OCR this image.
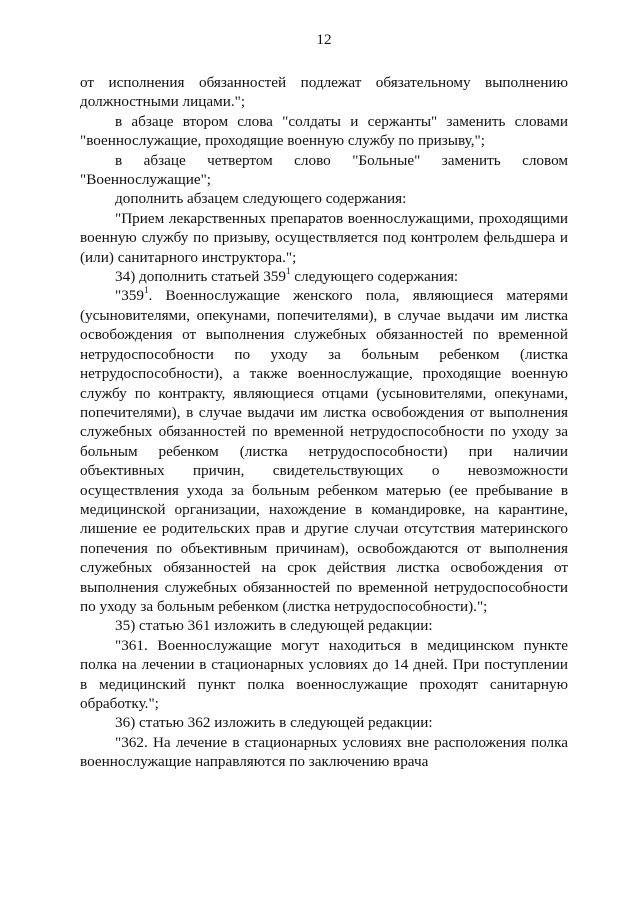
12

от исполнения обязанностей подлежат обязательному выполнению должностными лицами.";

в абзаце втором слова "солдаты и сержанты" заменить словами "военнослужащие, проходящие военную службу по призыву,";

в абзаце четвертом слово "Больные" заменить словом "Военнослужащие";

дополнить абзацем следующего содержания:

"Прием лекарственных препаратов военнослужащими, проходящими военную службу по призыву, осуществляется под контролем фельдшера и (или) санитарного инструктора.";

34) дополнить статьей $359^1$ следующего содержания:

"$359^1$. Военнослужащие женского пола, являющиеся матерями (усыновителями, опекунами, попечителями), в случае выдачи им листка освобождения от выполнения служебных обязанностей по временной нетрудоспособности по уходу за больным ребенком (листка нетрудоспособности), а также военнослужащие, проходящие военную службу по контракту, являющиеся отцами (усыновителями, опекунами, попечителями), в случае выдачи им листка освобождения от выполнения служебных обязанностей по временной нетрудоспособности по уходу за больным ребенком (листка нетрудоспособности) при наличии объективных причин, свидетельствующих о невозможности осуществления ухода за больным ребенком матерью (ее пребывание в медицинской организации, нахождение в командировке, на карантине, лишение ее родительских прав и другие случаи отсутствия материнского попечения по объективным причинам), освобождаются от выполнения служебных обязанностей на срок действия листка освобождения от выполнения служебных обязанностей по временной нетрудоспособности по уходу за больным ребенком (листка нетрудоспособности).";

35) статью 361 изложить в следующей редакции:

"361. Военнослужащие могут находиться в медицинском пункте полка на лечении в стационарных условиях до 14 дней. При поступлении в медицинский пункт полка военнослужащие проходят санитарную обработку.";

36) статью 362 изложить в следующей редакции:

"362. На лечение в стационарных условиях вне расположения полка военнослужащие направляются по заключению врача
